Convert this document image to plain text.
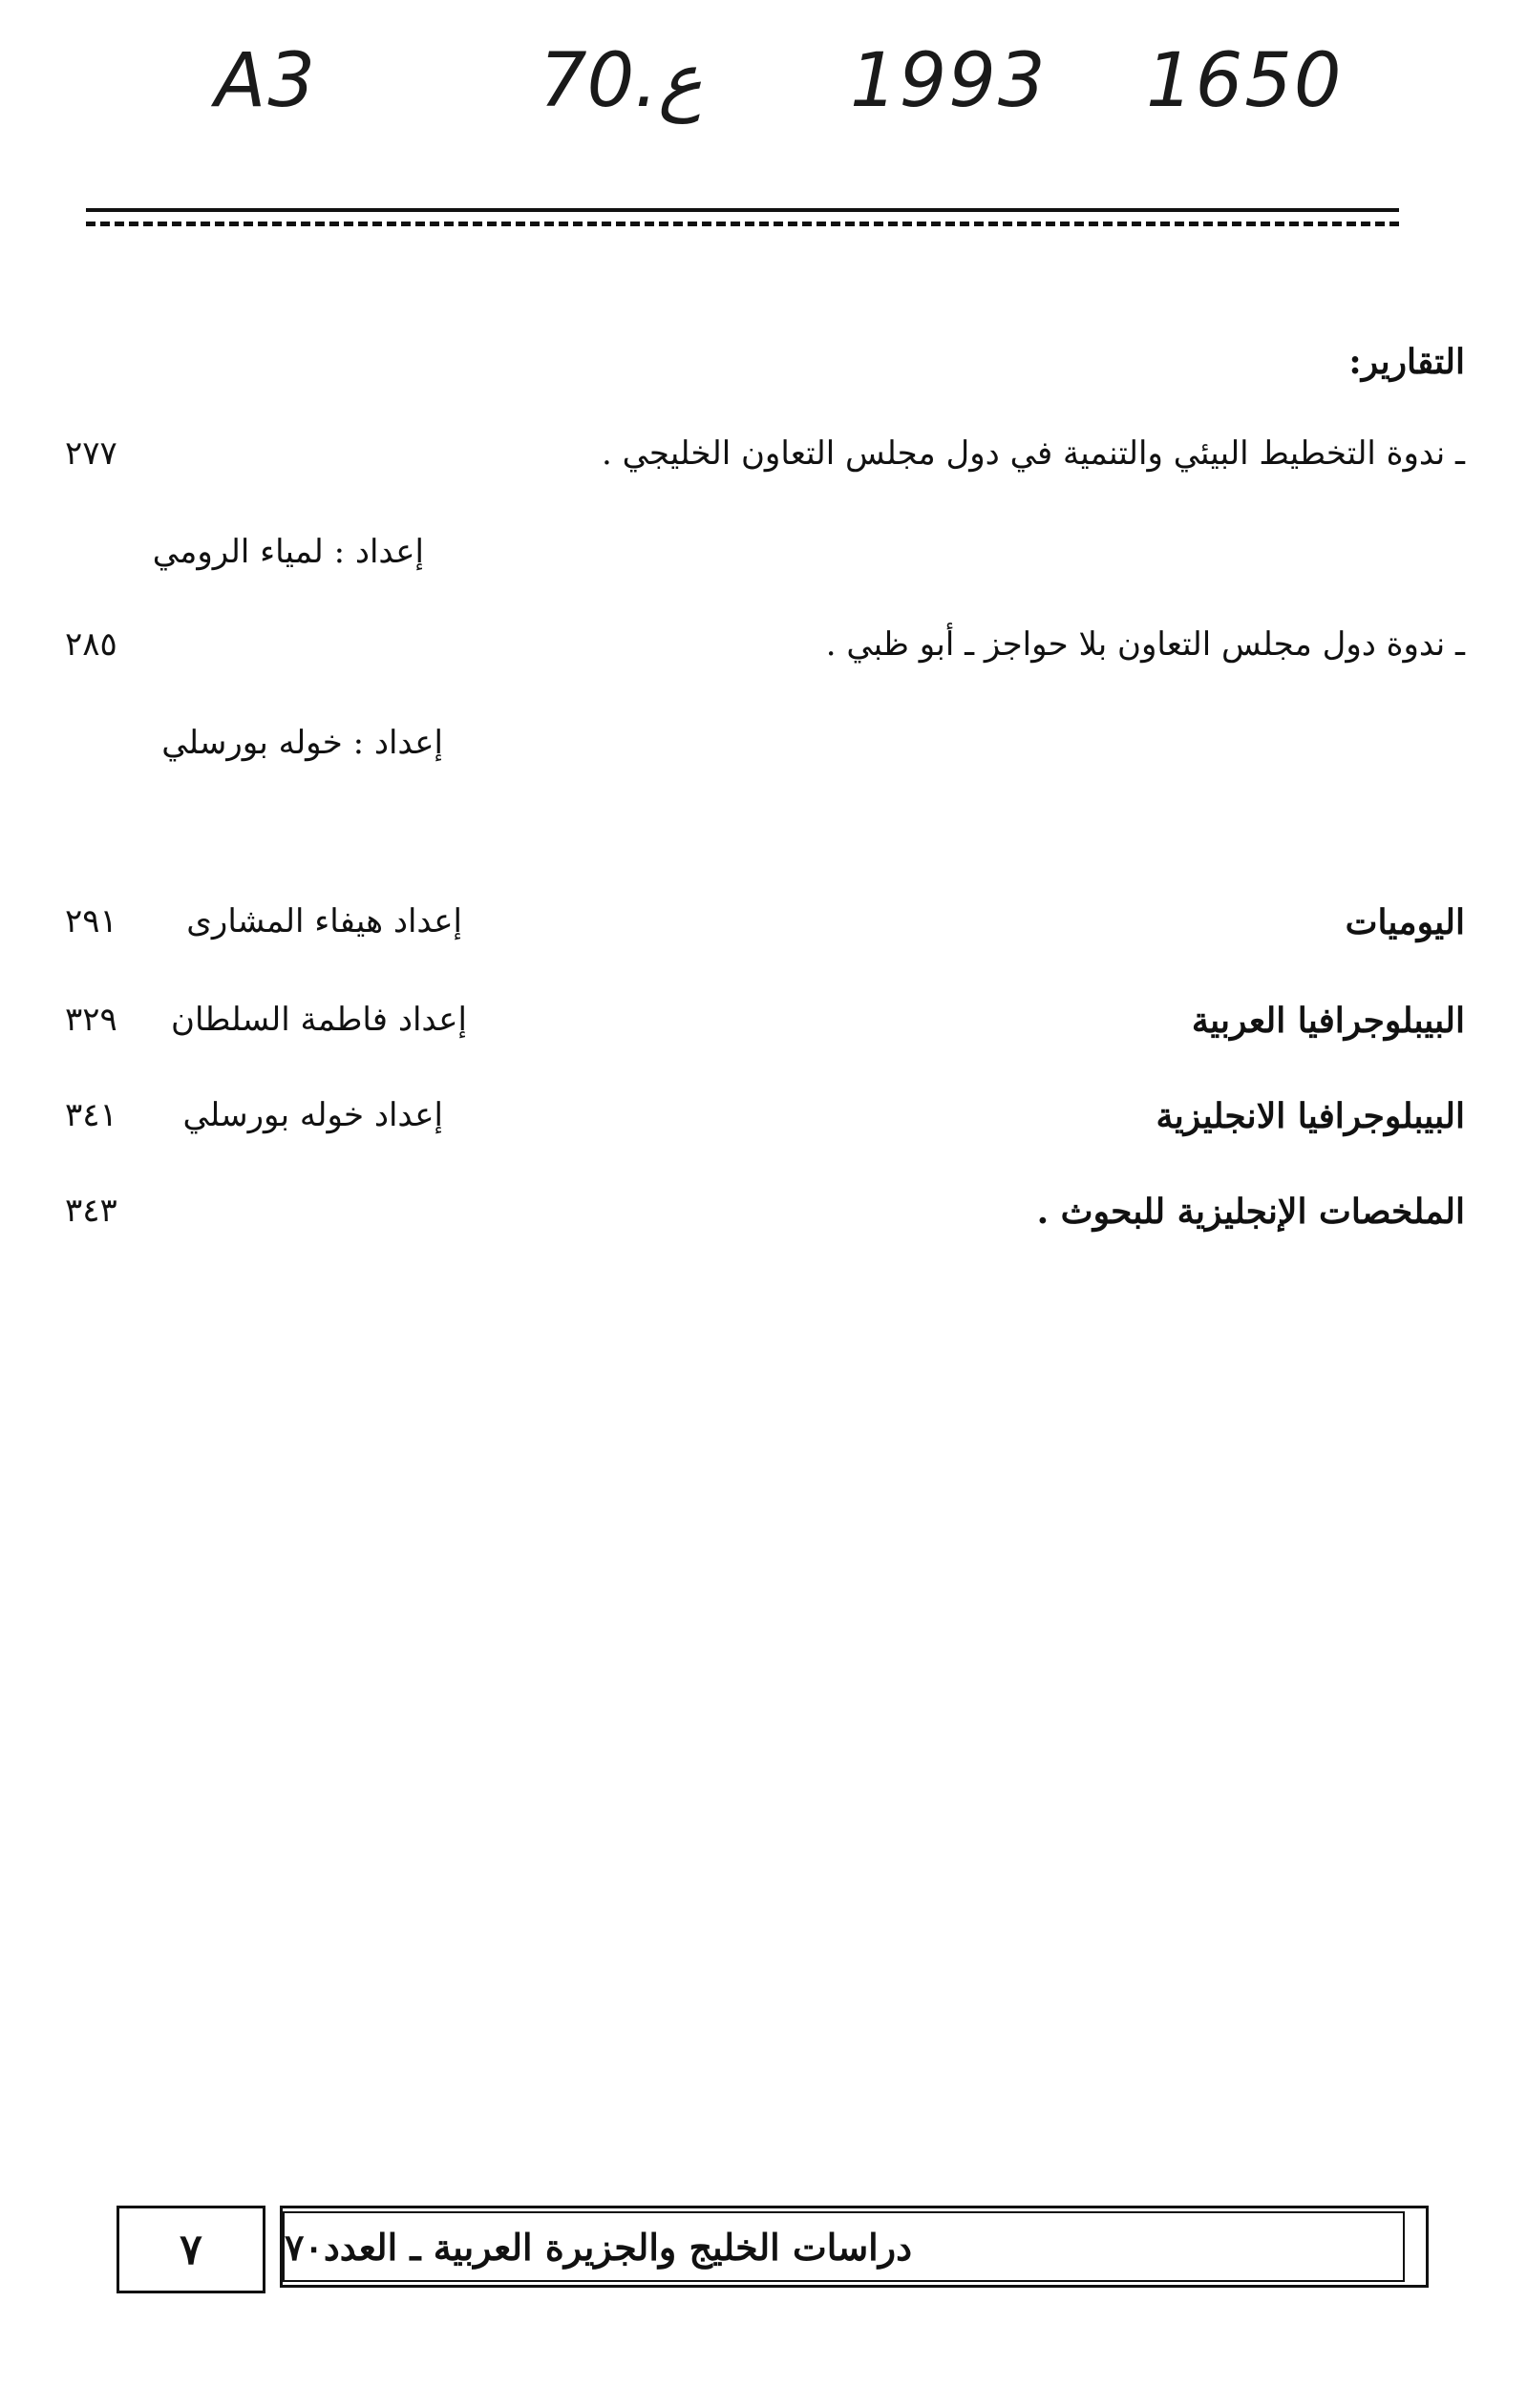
A3	70.ع 1993 1650
التقارير:
ـ ندوة التخطيط البيئي والتنمية في دول مجلس التعاون الخليجي .
٢٧٧
إعداد : لمياء الرومي
ـ ندوة دول مجلس التعاون بلا حواجز ـ أبو ظبي .
٢٨٥
إعداد : خوله بورسلي
اليوميات
إعداد هيفاء المشارى
٢٩١
البيبلوجرافيا العربية
إعداد فاطمة السلطان
٣٢٩
البيبلوجرافيا الانجليزية
إعداد خوله بورسلي
٣٤١
الملخصات الإنجليزية للبحوث .
٣٤٣
٧ دراسات الخليج والجزيرة العربية ـ العدد٧٠
